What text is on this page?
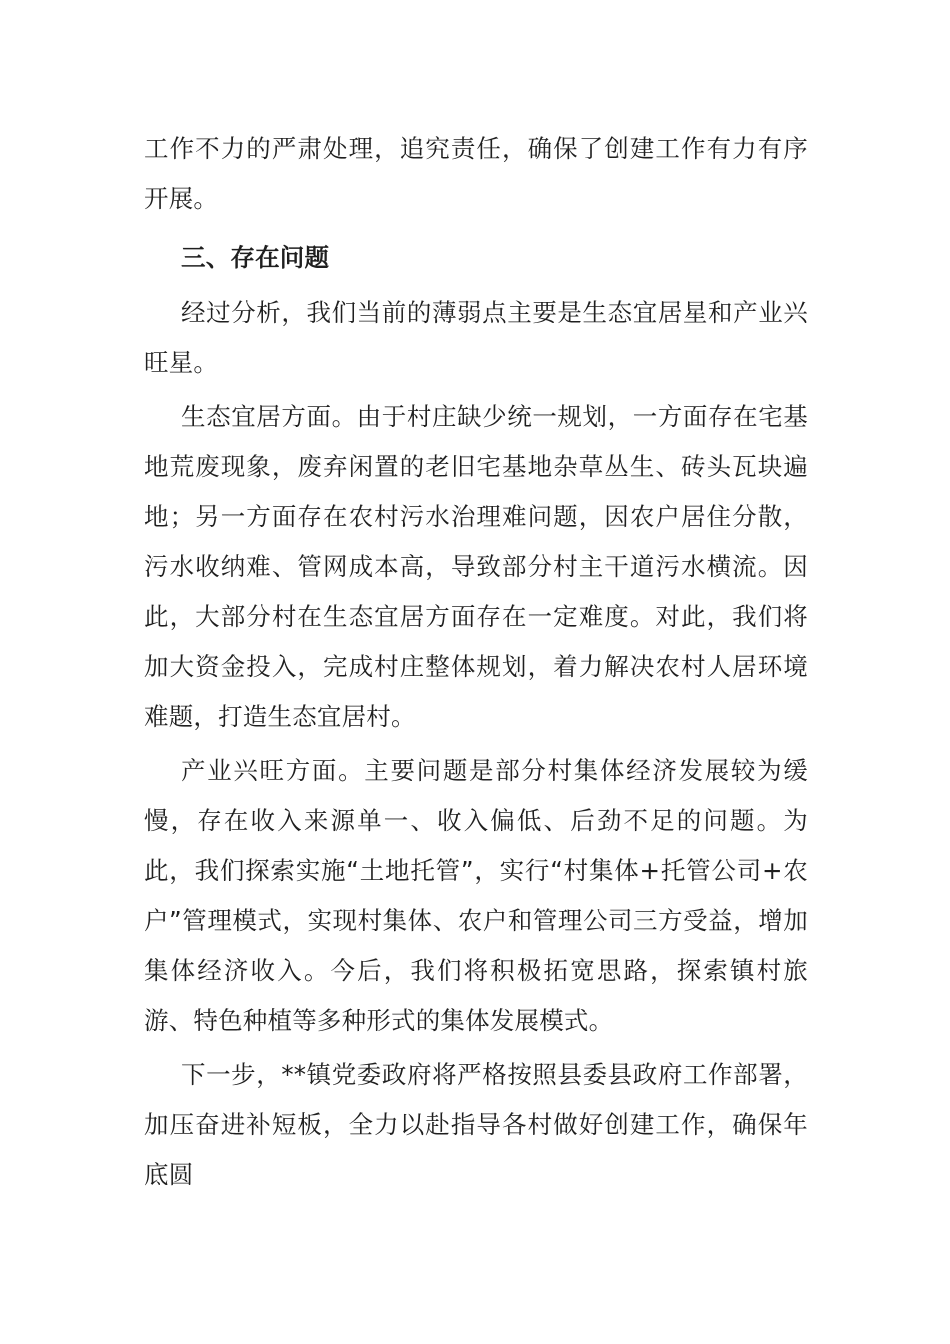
工作不力的严肃处理，追究责任，确保了创建工作有力有序开展。

三、存在问题

经过分析，我们当前的薄弱点主要是生态宜居星和产业兴旺星。

生态宜居方面。由于村庄缺少统一规划，一方面存在宅基地荒废现象，废弃闲置的老旧宅基地杂草丛生、砖头瓦块遍地；另一方面存在农村污水治理难问题，因农户居住分散，污水收纳难、管网成本高，导致部分村主干道污水横流。因此，大部分村在生态宜居方面存在一定难度。对此，我们将加大资金投入，完成村庄整体规划，着力解决农村人居环境难题，打造生态宜居村。

产业兴旺方面。主要问题是部分村集体经济发展较为缓慢，存在收入来源单一、收入偏低、后劲不足的问题。为此，我们探索实施“土地托管”，实行“村集体+托管公司+农户”管理模式，实现村集体、农户和管理公司三方受益，增加集体经济收入。今后，我们将积极拓宽思路，探索镇村旅游、特色种植等多种形式的集体发展模式。

下一步，**镇党委政府将严格按照县委县政府工作部署，加压奋进补短板，全力以赴指导各村做好创建工作，确保年底圆
